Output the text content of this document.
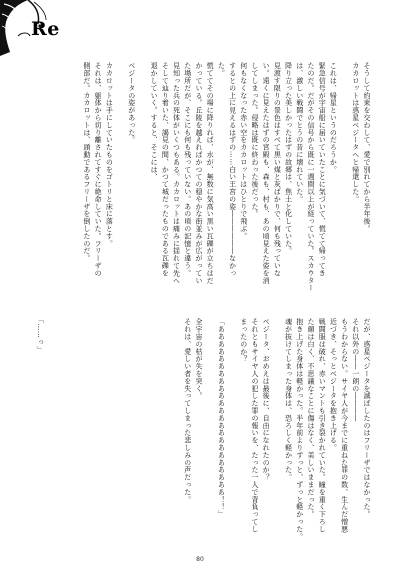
Re
そうして約束を交わして、愛で別れてから半年後。
カカロットは惑星ベジータへと帰還した。

これは、帰星というのだろうか。
緊急信号が宇宙船に届いていたことに気づいて、慌てて帰ってき
たのだ。だがその信号から既に一週間以上が経っていた。スカウター
は、激しい戦闘でとうの昔に壊れていた。
降り立った美しかったはずの故郷は、焦土と化していた。
見渡す限りの景色はすべて黒い煤と灰ばかりで、何も残っていな
い。遠くに見えたはずの宮殿も、森も、村も、あの頃見えた姿を消
してしまった。侵略は既に終わった後だった。
何もなくなった赤い空をカカロットはひとりで飛ぶ。
するとの上に見えるはずの……白い王宮の姿――――――なかっ
た。
慌ててその場に降りれば、水が、無数に気高い黒い瓦礫が立ちはだ
かっている。丘陵を越えればかつての穏やかな街並みが広がってい
た場所だが、そこにも何も残っていない。あの頃の記憶と違う。
見知った兵の死体がいくつもある。カカロットは痛みに揺れて先へ
そして辿り着いた、謁見の間、かつて城だったものである瓦礫を
退かしていく。すると、そこには、

ベジータの姿があった。

カカロットは手にしていたものをゴトリと床に落とす。
それは、躯体から切り離されてすぐに絶命していた。フリーザの
側部だ。カカロットは、頭動であるフリーザを倒したのだ。
だが、惑星ベジータを滅ぼしたのはフリーザではなかった。
それ以外の――一朗の――――
もうわからない。サイヤ人が今までに重ねた罪の数、生んだ憎悪
近づき、そっとベジータを抱き上げる。
戦闘服は破れ、赤いマントも引き裂かれていた。瞳を重く下ろし
た顔は白く、不思議なことに傷はなく、美しいままだった。
抱き上げた身体は軽かった。半年前よりずっと、ずっと軽かった。
魂が抜けてしまった身体は、恐ろしく軽かった。

ベジータ、おめえは最後に、自由になれたのか？
それともサイヤ人の犯した罪の報いを、たった一人で背負ってし
まったのか？

「あああああああああああああああああああああああ！！」

全宇宙の枯が失を突く。
それは、愛しい者を失ってしまった悲しみの声だった。
「……っ」
80
